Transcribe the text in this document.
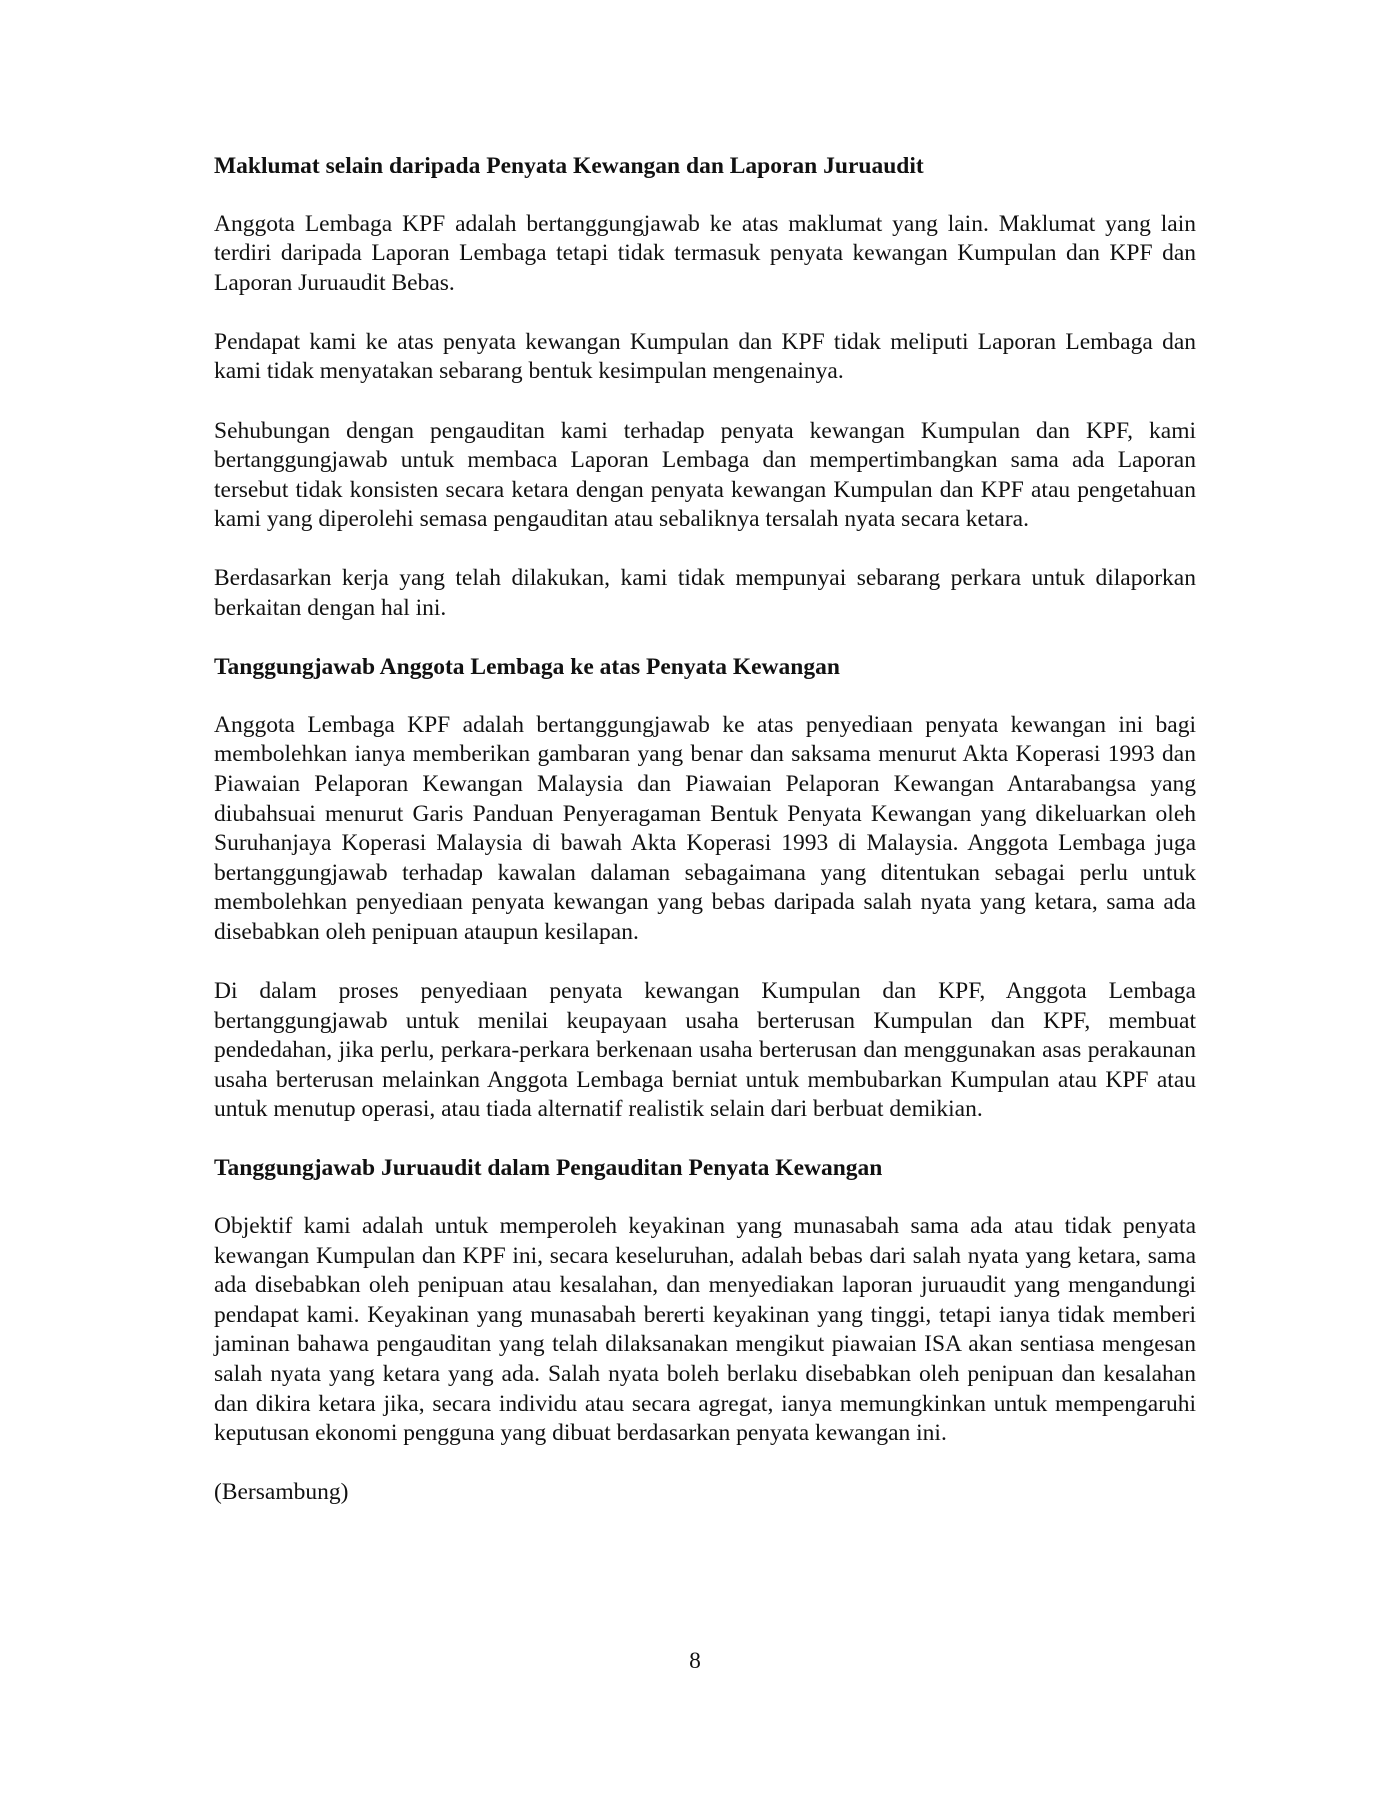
Maklumat selain daripada Penyata Kewangan dan Laporan Juruaudit

Anggota Lembaga KPF adalah bertanggungjawab ke atas maklumat yang lain. Maklumat yang lain terdiri daripada Laporan Lembaga tetapi tidak termasuk penyata kewangan Kumpulan dan KPF dan Laporan Juruaudit Bebas.

Pendapat kami ke atas penyata kewangan Kumpulan dan KPF tidak meliputi Laporan Lembaga dan kami tidak menyatakan sebarang bentuk kesimpulan mengenainya.

Sehubungan dengan pengauditan kami terhadap penyata kewangan Kumpulan dan KPF, kami bertanggungjawab untuk membaca Laporan Lembaga dan mempertimbangkan sama ada Laporan tersebut tidak konsisten secara ketara dengan penyata kewangan Kumpulan dan KPF atau pengetahuan kami yang diperolehi semasa pengauditan atau sebaliknya tersalah nyata secara ketara.

Berdasarkan kerja yang telah dilakukan, kami tidak mempunyai sebarang perkara untuk dilaporkan berkaitan dengan hal ini.

Tanggungjawab Anggota Lembaga ke atas Penyata Kewangan

Anggota Lembaga KPF adalah bertanggungjawab ke atas penyediaan penyata kewangan ini bagi membolehkan ianya memberikan gambaran yang benar dan saksama menurut Akta Koperasi 1993 dan Piawaian Pelaporan Kewangan Malaysia dan Piawaian Pelaporan Kewangan Antarabangsa yang diubahsuai menurut Garis Panduan Penyeragaman Bentuk Penyata Kewangan yang dikeluarkan oleh Suruhanjaya Koperasi Malaysia di bawah Akta Koperasi 1993 di Malaysia. Anggota Lembaga juga bertanggungjawab terhadap kawalan dalaman sebagaimana yang ditentukan sebagai perlu untuk membolehkan penyediaan penyata kewangan yang bebas daripada salah nyata yang ketara, sama ada disebabkan oleh penipuan ataupun kesilapan.

Di dalam proses penyediaan penyata kewangan Kumpulan dan KPF, Anggota Lembaga bertanggungjawab untuk menilai keupayaan usaha berterusan Kumpulan dan KPF, membuat pendedahan, jika perlu, perkara-perkara berkenaan usaha berterusan dan menggunakan asas perakaunan usaha berterusan melainkan Anggota Lembaga berniat untuk membubarkan Kumpulan atau KPF atau untuk menutup operasi, atau tiada alternatif realistik selain dari berbuat demikian.

Tanggungjawab Juruaudit dalam Pengauditan Penyata Kewangan

Objektif kami adalah untuk memperoleh keyakinan yang munasabah sama ada atau tidak penyata kewangan Kumpulan dan KPF ini, secara keseluruhan, adalah bebas dari salah nyata yang ketara, sama ada disebabkan oleh penipuan atau kesalahan, dan menyediakan laporan juruaudit yang mengandungi pendapat kami. Keyakinan yang munasabah bererti keyakinan yang tinggi, tetapi ianya tidak memberi jaminan bahawa pengauditan yang telah dilaksanakan mengikut piawaian ISA akan sentiasa mengesan salah nyata yang ketara yang ada. Salah nyata boleh berlaku disebabkan oleh penipuan dan kesalahan dan dikira ketara jika, secara individu atau secara agregat, ianya memungkinkan untuk mempengaruhi keputusan ekonomi pengguna yang dibuat berdasarkan penyata kewangan ini.

(Bersambung)

8
